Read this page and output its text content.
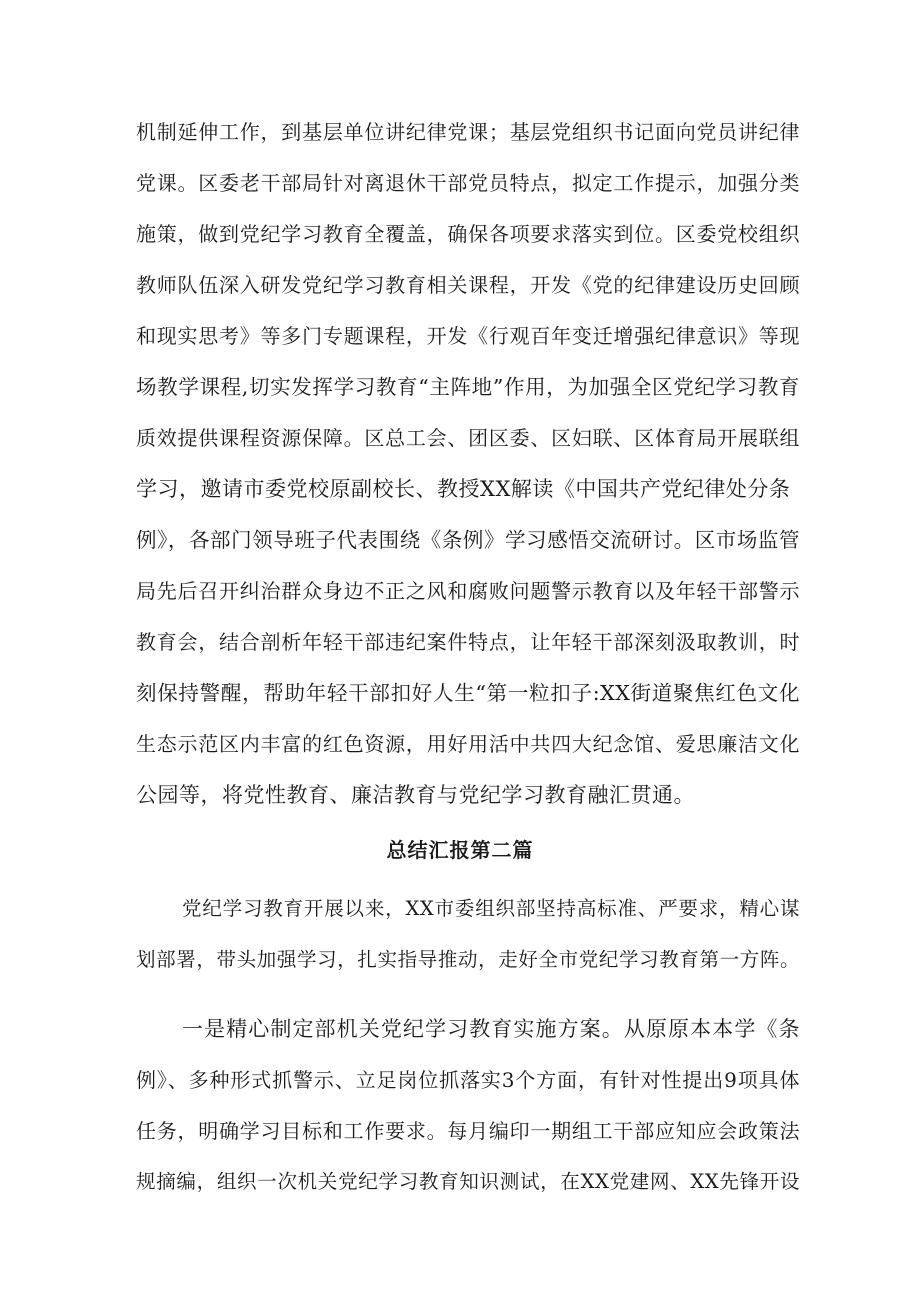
机制延伸工作，到基层单位讲纪律党课；基层党组织书记面向党员讲纪律
党课。区委老干部局针对离退休干部党员特点，拟定工作提示，加强分类
施策，做到党纪学习教育全覆盖，确保各项要求落实到位。区委党校组织
教师队伍深入研发党纪学习教育相关课程，开发《党的纪律建设历史回顾
和现实思考》等多门专题课程，开发《行观百年变迁增强纪律意识》等现
场教学课程,切实发挥学习教育“主阵地”作用，为加强全区党纪学习教育
质效提供课程资源保障。区总工会、团区委、区妇联、区体育局开展联组
学习，邀请市委党校原副校长、教授XX解读《中国共产党纪律处分条
例》，各部门领导班子代表围绕《条例》学习感悟交流研讨。区市场监管
局先后召开纠治群众身边不正之风和腐败问题警示教育以及年轻干部警示
教育会，结合剖析年轻干部违纪案件特点，让年轻干部深刻汲取教训，时
刻保持警醒，帮助年轻干部扣好人生“第一粒扣子:XX街道聚焦红色文化
生态示范区内丰富的红色资源，用好用活中共四大纪念馆、爱思廉洁文化
公园等，将党性教育、廉洁教育与党纪学习教育融汇贯通。
总结汇报第二篇
党纪学习教育开展以来，XX市委组织部坚持高标准、严要求，精心谋
划部署，带头加强学习，扎实指导推动，走好全市党纪学习教育第一方阵。
一是精心制定部机关党纪学习教育实施方案。从原原本本学《条
例》、多种形式抓警示、立足岗位抓落实3个方面，有针对性提出9项具体
任务，明确学习目标和工作要求。每月编印一期组工干部应知应会政策法
规摘编，组织一次机关党纪学习教育知识测试，在XX党建网、XX先锋开设
